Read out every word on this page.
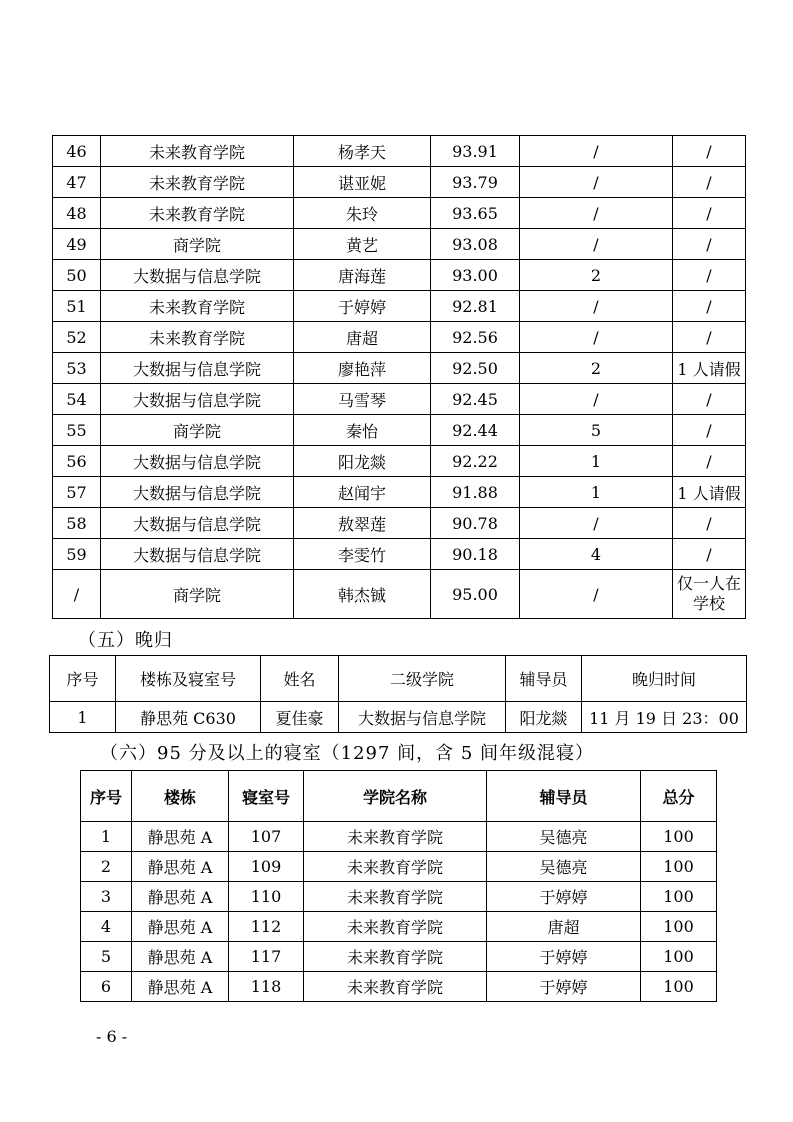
46	未来教育学院	杨孝天	93.91	/	/
47	未来教育学院	谌亚妮	93.79	/	/
48	未来教育学院	朱玲	93.65	/	/
49	商学院	黄艺	93.08	/	/
50	大数据与信息学院	唐海莲	93.00	2	/
51	未来教育学院	于婷婷	92.81	/	/
52	未来教育学院	唐超	92.56	/	/
53	大数据与信息学院	廖艳萍	92.50	2	1 人请假
54	大数据与信息学院	马雪琴	92.45	/	/
55	商学院	秦怡	92.44	5	/
56	大数据与信息学院	阳龙燚	92.22	1	/
57	大数据与信息学院	赵闻宇	91.88	1	1 人请假
58	大数据与信息学院	敖翠莲	90.78	/	/
59	大数据与信息学院	李雯竹	90.18	4	/
/	商学院	韩杰铖	95.00	/	仅一人在学校
（五）晚归
序号	楼栋及寝室号	姓名	二级学院	辅导员	晚归时间
1	静思苑 C630	夏佳豪	大数据与信息学院	阳龙燚	11 月 19 日 23：00
（六）95 分及以上的寝室（1297 间，含 5 间年级混寝）
序号	楼栋	寝室号	学院名称	辅导员	总分
1	静思苑 A	107	未来教育学院	吴德亮	100
2	静思苑 A	109	未来教育学院	吴德亮	100
3	静思苑 A	110	未来教育学院	于婷婷	100
4	静思苑 A	112	未来教育学院	唐超	100
5	静思苑 A	117	未来教育学院	于婷婷	100
6	静思苑 A	118	未来教育学院	于婷婷	100
- 6 -
